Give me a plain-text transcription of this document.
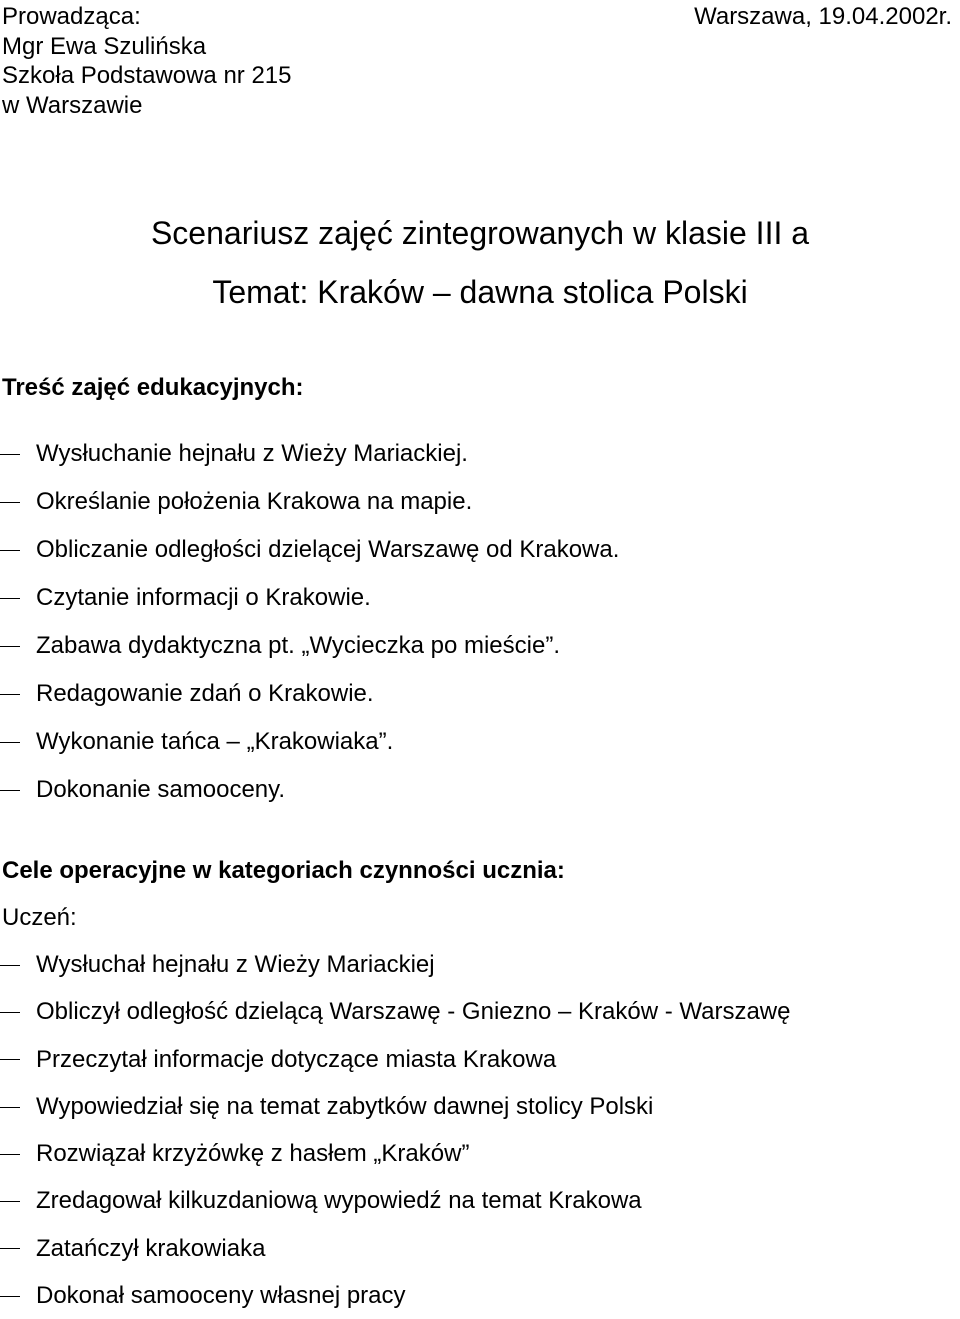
Prowadząca:
Mgr Ewa Szulińska
Szkoła Podstawowa nr 215
w Warszawie
Warszawa, 19.04.2002r.
Scenariusz zajęć zintegrowanych w klasie III a
Temat: Kraków – dawna stolica Polski
Treść zajęć edukacyjnych:
Wysłuchanie hejnału z Wieży Mariackiej.
Określanie położenia Krakowa na mapie.
Obliczanie odległości dzielącej Warszawę od Krakowa.
Czytanie informacji o Krakowie.
Zabawa dydaktyczna pt. „Wycieczka po mieście”.
Redagowanie zdań o Krakowie.
Wykonanie tańca – „Krakowiaka”.
Dokonanie samooceny.
Cele operacyjne w kategoriach czynności ucznia:
Uczeń:
Wysłuchał hejnału z Wieży Mariackiej
Obliczył odległość dzielącą Warszawę - Gniezno – Kraków - Warszawę
Przeczytał informacje dotyczące miasta Krakowa
Wypowiedział się na temat zabytków dawnej stolicy Polski
Rozwiązał krzyżówkę z hasłem „Kraków”
Zredagował kilkuzdaniową wypowiedź na temat Krakowa
Zatańczył krakowiaka
Dokonał samooceny własnej pracy
